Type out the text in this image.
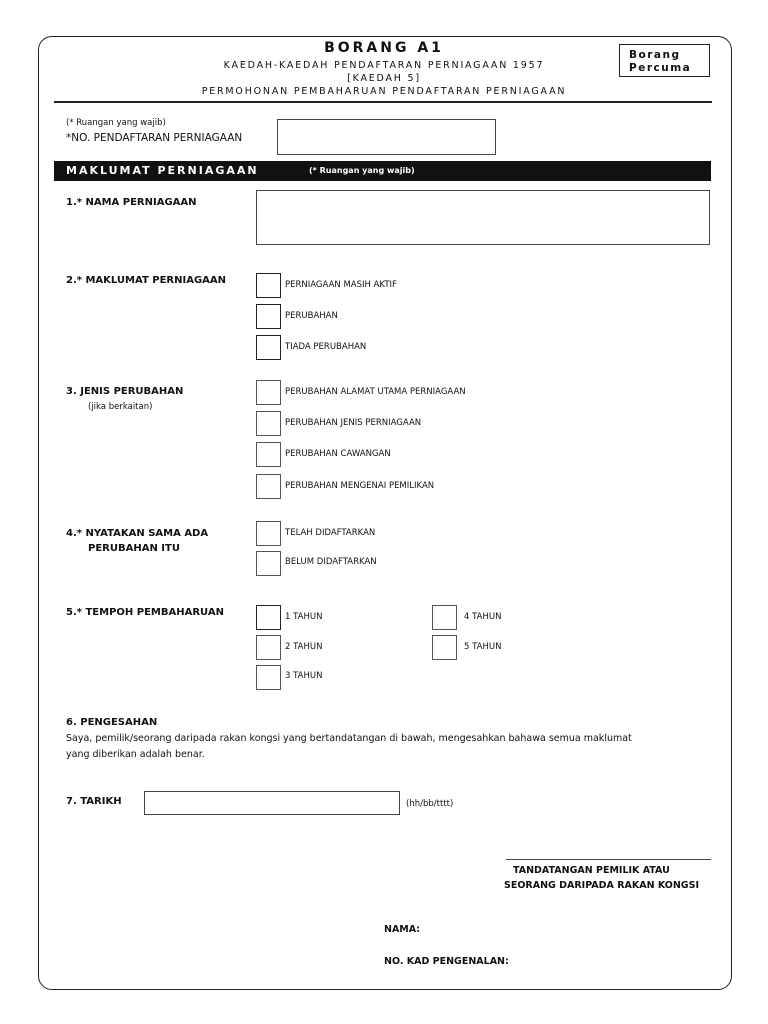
BORANG A1
KAEDAH-KAEDAH PENDAFTARAN PERNIAGAAN 1957
[KAEDAH 5]
PERMOHONAN PEMBAHARUAN PENDAFTARAN PERNIAGAAN
Borang
Percuma
(* Ruangan yang wajib)
*NO. PENDAFTARAN PERNIAGAAN
MAKLUMAT PERNIAGAAN	(* Ruangan yang wajib)
1.* NAMA PERNIAGAAN
2.* MAKLUMAT PERNIAGAAN	PERNIAGAAN MASIH AKTIF
PERUBAHAN
TIADA PERUBAHAN
3. JENIS PERUBAHAN
(jika berkaitan)
PERUBAHAN ALAMAT UTAMA PERNIAGAAN
PERUBAHAN JENIS PERNIAGAAN
PERUBAHAN CAWANGAN
PERUBAHAN MENGENAI PEMILIKAN
4.* NYATAKAN SAMA ADA
PERUBAHAN ITU
TELAH DIDAFTARKAN
BELUM DIDAFTARKAN
5.* TEMPOH PEMBAHARUAN	1 TAHUN
2 TAHUN
3 TAHUN
4 TAHUN
5 TAHUN
6. PENGESAHAN
Saya, pemilik/seorang daripada rakan kongsi yang bertandatangan di bawah, mengesahkan bahawa semua maklumat
yang diberikan adalah benar.
7. TARIKH	(hh/bb/tttt)
TANDATANGAN PEMILIK ATAU
SEORANG DARIPADA RAKAN KONGSI
NAMA:
NO. KAD PENGENALAN:
